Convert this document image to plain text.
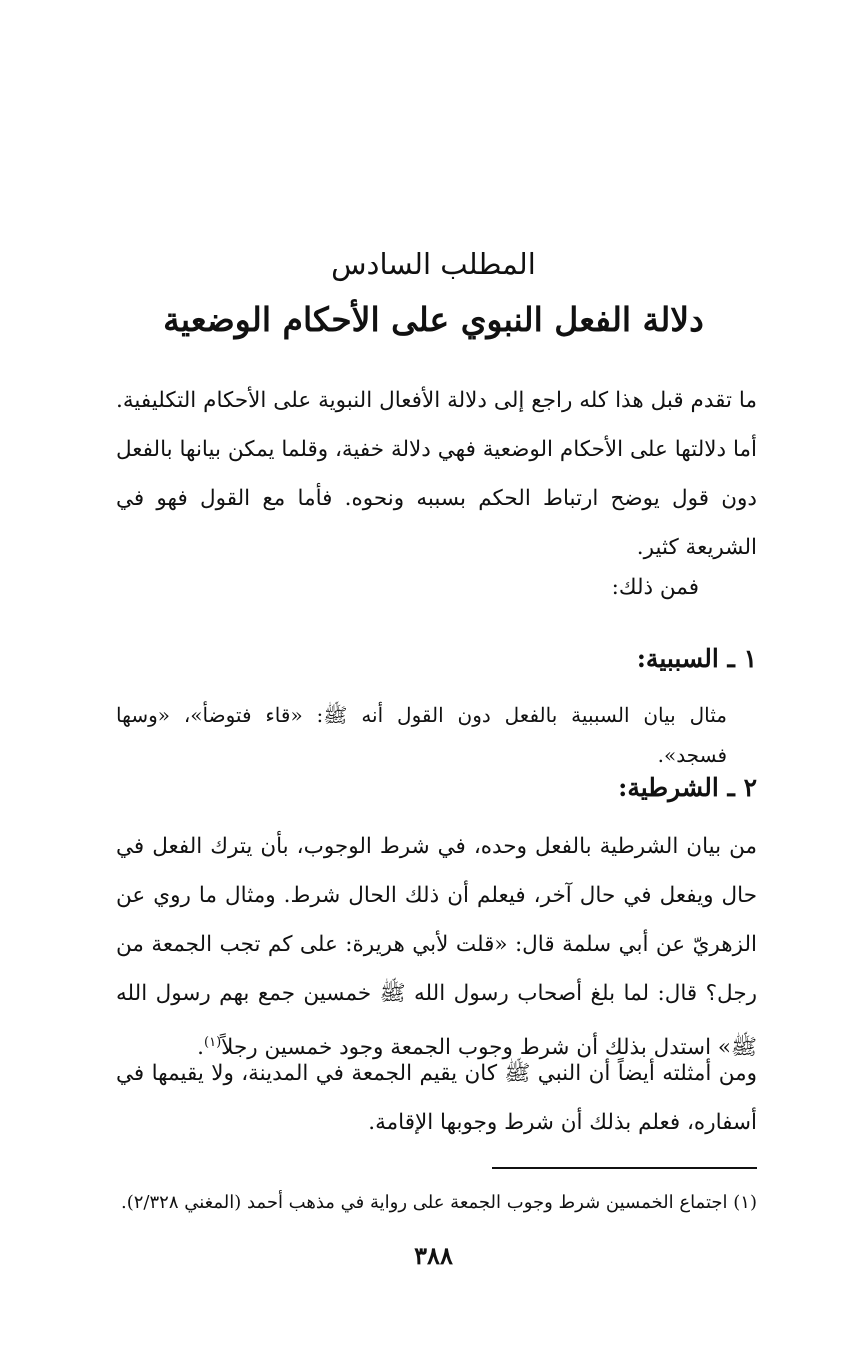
المطلب السادس
دلالة الفعل النبوي على الأحكام الوضعية

ما تقدم قبل هذا كله راجع إلى دلالة الأفعال النبوية على الأحكام التكليفية. أما دلالتها على الأحكام الوضعية فهي دلالة خفية، وقلما يمكن بيانها بالفعل دون قول يوضح ارتباط الحكم بسببه ونحوه. فأما مع القول فهو في الشريعة كثير.

فمن ذلك:

١ ـ السببية:

مثال بيان السببية بالفعل دون القول أنه ﷺ: «قاء فتوضأ»، «وسها فسجد».

٢ ـ الشرطية:

من بيان الشرطية بالفعل وحده، في شرط الوجوب، بأن يترك الفعل في حال ويفعل في حال آخر، فيعلم أن ذلك الحال شرط. ومثال ما روي عن الزهريّ عن أبي سلمة قال: «قلت لأبي هريرة: على كم تجب الجمعة من رجل؟ قال: لما بلغ أصحاب رسول الله ﷺ خمسين جمع بهم رسول الله ﷺ» استدل بذلك أن شرط وجوب الجمعة وجود خمسين رجلاً$^{(١)}$.

ومن أمثلته أيضاً أن النبي ﷺ كان يقيم الجمعة في المدينة، ولا يقيمها في أسفاره، فعلم بذلك أن شرط وجوبها الإقامة.

(١) اجتماع الخمسين شرط وجوب الجمعة على رواية في مذهب أحمد (المغني ٢/٣٢٨).
٣٨٨
